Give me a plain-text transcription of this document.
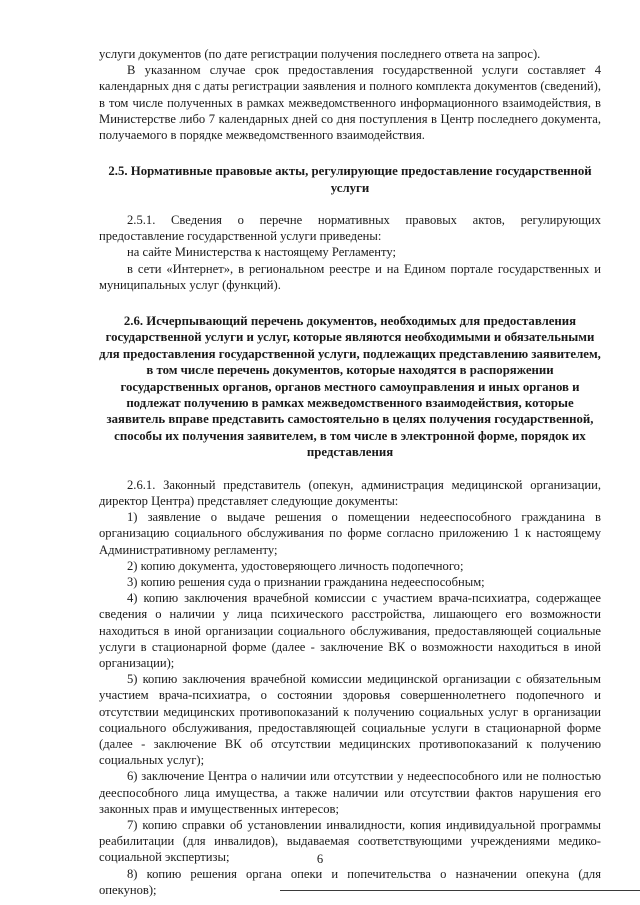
услуги документов (по дате регистрации получения последнего ответа на запрос).

В указанном случае срок предоставления государственной услуги составляет 4 календарных дня с даты регистрации заявления и полного комплекта документов (сведений), в том числе полученных в рамках межведомственного информационного взаимодействия, в Министерстве либо 7 календарных дней со дня поступления в Центр последнего документа, получаемого в порядке межведомственного взаимодействия.

2.5. Нормативные правовые акты, регулирующие предоставление государственной услуги

2.5.1. Сведения о перечне нормативных правовых актов, регулирующих предоставление государственной услуги приведены:

на сайте Министерства к настоящему Регламенту;

в сети «Интернет», в региональном реестре и на Едином портале государственных и муниципальных услуг (функций).

2.6. Исчерпывающий перечень документов, необходимых для предоставления государственной услуги и услуг, которые являются необходимыми и обязательными для предоставления государственной услуги, подлежащих представлению заявителем, в том числе перечень документов, которые находятся в распоряжении государственных органов, органов местного самоуправления и иных органов и подлежат получению в рамках межведомственного взаимодействия, которые заявитель вправе представить самостоятельно в целях получения государственной, способы их получения заявителем, в том числе в электронной форме, порядок их представления

2.6.1. Законный представитель (опекун, администрация медицинской организации, директор Центра) представляет следующие документы:

1) заявление о выдаче решения о помещении недееспособного гражданина в организацию социального обслуживания по форме согласно приложению 1 к настоящему Административному регламенту;

2) копию документа, удостоверяющего личность подопечного;

3) копию решения суда о признании гражданина недееспособным;

4) копию заключения врачебной комиссии с участием врача-психиатра, содержащее сведения о наличии у лица психического расстройства, лишающего его возможности находиться в иной организации социального обслуживания, предоставляющей социальные услуги в стационарной форме (далее - заключение ВК о возможности находиться в иной организации);

5) копию заключения врачебной комиссии медицинской организации с обязательным участием врача-психиатра, о состоянии здоровья совершеннолетнего подопечного и отсутствии медицинских противопоказаний к получению социальных услуг в организации социального обслуживания, предоставляющей социальные услуги в стационарной форме (далее - заключение ВК об отсутствии медицинских противопоказаний к получению социальных услуг);

6) заключение Центра о наличии или отсутствии у недееспособного или не полностью дееспособного лица имущества, а также наличии или отсутствии фактов нарушения его законных прав и имущественных интересов;

7) копию справки об установлении инвалидности, копия индивидуальной программы реабилитации (для инвалидов), выдаваемая соответствующими учреждениями медико-социальной экспертизы;

8) копию решения органа опеки и попечительства о назначении опекуна (для опекунов);

6
